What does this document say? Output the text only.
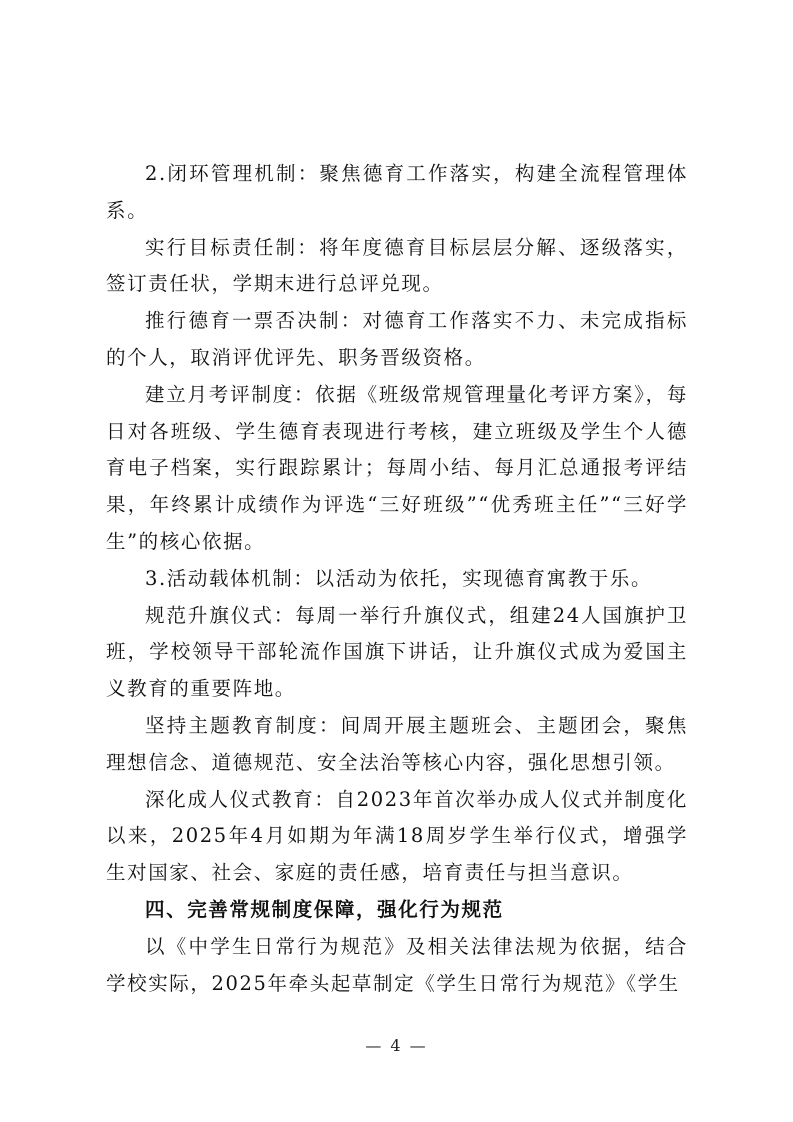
2.闭环管理机制：聚焦德育工作落实，构建全流程管理体系。

实行目标责任制：将年度德育目标层层分解、逐级落实，签订责任状，学期末进行总评兑现。

推行德育一票否决制：对德育工作落实不力、未完成指标的个人，取消评优评先、职务晋级资格。

建立月考评制度：依据《班级常规管理量化考评方案》，每日对各班级、学生德育表现进行考核，建立班级及学生个人德育电子档案，实行跟踪累计；每周小结、每月汇总通报考评结果，年终累计成绩作为评选“三好班级”“优秀班主任”“三好学生”的核心依据。

3.活动载体机制：以活动为依托，实现德育寓教于乐。

规范升旗仪式：每周一举行升旗仪式，组建24人国旗护卫班，学校领导干部轮流作国旗下讲话，让升旗仪式成为爱国主义教育的重要阵地。

坚持主题教育制度：间周开展主题班会、主题团会，聚焦理想信念、道德规范、安全法治等核心内容，强化思想引领。

深化成人仪式教育：自2023年首次举办成人仪式并制度化以来，2025年4月如期为年满18周岁学生举行仪式，增强学生对国家、社会、家庭的责任感，培育责任与担当意识。

四、完善常规制度保障，强化行为规范

以《中学生日常行为规范》及相关法律法规为依据，结合学校实际，2025年牵头起草制定《学生日常行为规范》《学生

— 4 —
